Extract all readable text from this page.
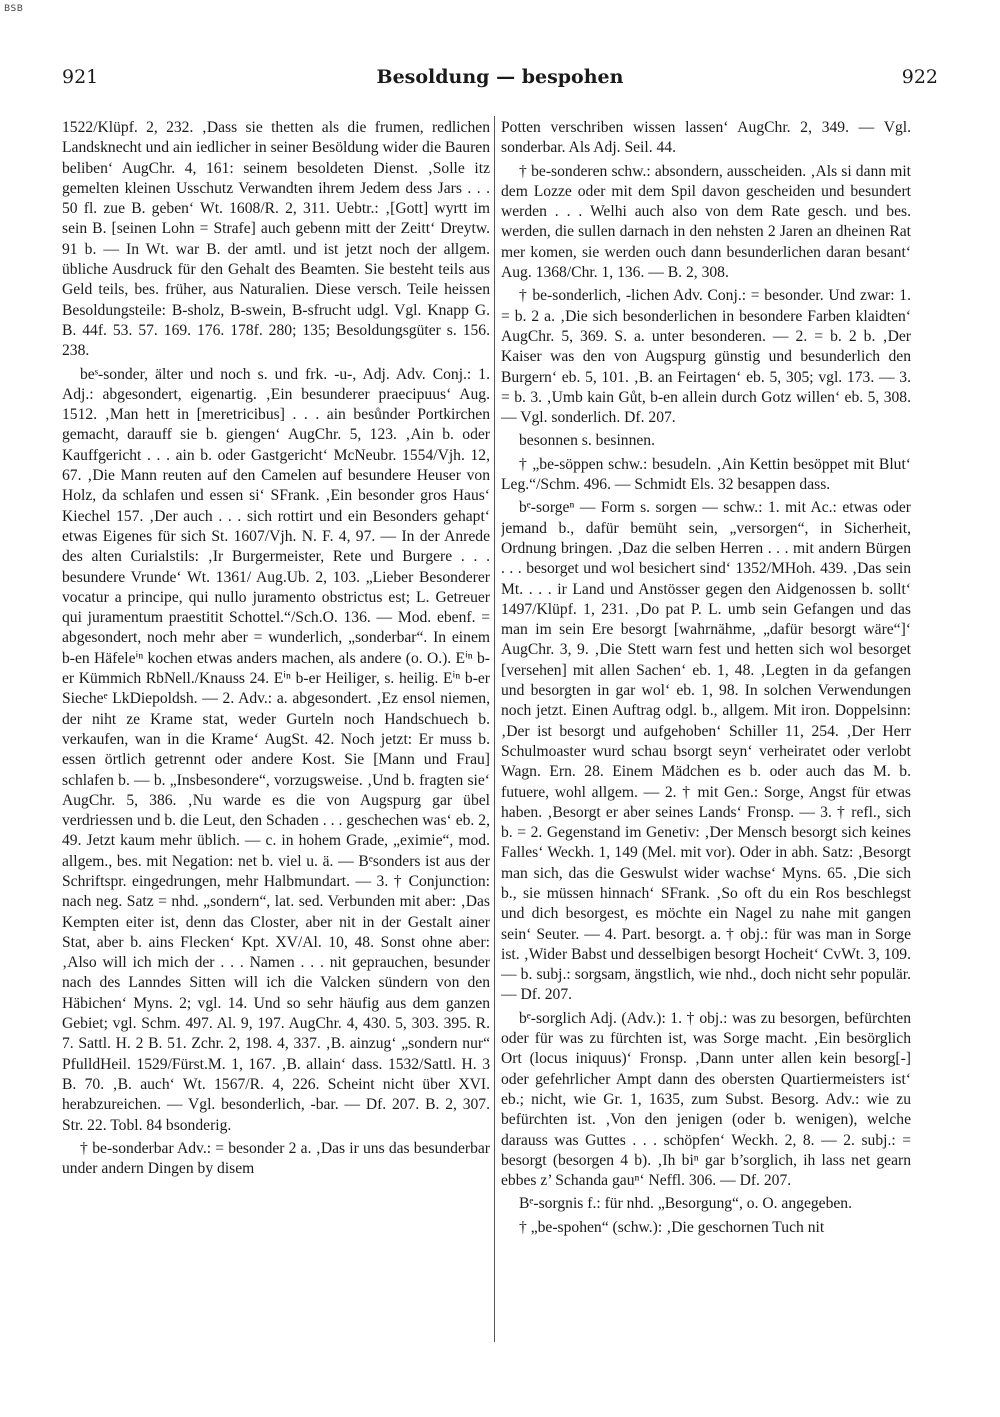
BSB
921	Besoldung — bespohen	922

1522/Klüpf. 2, 232. ‚Dass sie thetten als die frumen, redlichen Landsknecht und ain iedlicher in seiner Besöldung wider die Bauren beliben‘ AugChr. 4, 161: seinem besoldeten Dienst. ‚Solle itz gemelten kleinen Usschutz Verwandten ihrem Jedem dess Jars . . . 50 fl. zue B. geben‘ Wt. 1608/R. 2, 311. Uebtr.: ‚[Gott] wyrtt im sein B. [seinen Lohn = Strafe] auch gebenn mitt der Zeitt‘ Dreytw. 91 b. — In Wt. war B. der amtl. und ist jetzt noch der allgem. übliche Ausdruck für den Gehalt des Beamten. Sie besteht teils aus Geld teils, bes. früher, aus Naturalien. Diese versch. Teile heissen Besoldungsteile: B-sholz, B-swein, B-sfrucht udgl. Vgl. Knapp G. B. 44f. 53. 57. 169. 176. 178f. 280; 135; Besoldungsgüter s. 156. 238.

beˢ-sonder, älter und noch s. und frk. -u-, Adj. Adv. Conj.: 1. Adj.: abgesondert, eigenartig. ‚Ein besunderer praecipuus‘ Aug. 1512. ‚Man hett in [meretricibus] . . . ain besůnder Portkirchen gemacht, darauff sie b. giengen‘ AugChr. 5, 123. ‚Ain b. oder Kauffgericht . . . ain b. oder Gastgericht‘ McNeubr. 1554/Vjh. 12, 67. ‚Die Mann reuten auf den Camelen auf besundere Heuser von Holz, da schlafen und essen si‘ SFrank. ‚Ein besonder gros Haus‘ Kiechel 157. ‚Der auch . . . sich rottirt und ein Besonders gehapt‘ etwas Eigenes für sich St. 1607/Vjh. N. F. 4, 97. — In der Anrede des alten Curialstils: ‚Ir Burgermeister, Rete und Burgere . . . besundere Vrunde‘ Wt. 1361/ Aug.Ub. 2, 103. „Lieber Besonderer vocatur a principe, qui nullo juramento obstrictus est; L. Getreuer qui juramentum praestitit Schottel.“/Sch.O. 136. — Mod. ebenf. = abgesondert, noch mehr aber = wunderlich, „sonderbar“. In einem b-en Häfeleⁱⁿ kochen etwas anders machen, als andere (o. O.). Eⁱⁿ b-er Kümmich RbNell./Knauss 24. Eⁱⁿ b-er Heiliger, s. heilig. Eⁱⁿ b-er Siecheᵉ LkDiepoldsh. — 2. Adv.: a. abgesondert. ‚Ez ensol niemen, der niht ze Krame stat, weder Gurteln noch Handschuech b. verkaufen, wan in die Krame‘ AugSt. 42. Noch jetzt: Er muss b. essen örtlich getrennt oder andere Kost. Sie [Mann und Frau] schlafen b. — b. „Insbesondere“, vorzugsweise. ‚Und b. fragten sie‘ AugChr. 5, 386. ‚Nu warde es die von Augspurg gar übel verdriessen und b. die Leut, den Schaden . . . geschechen was‘ eb. 2, 49. Jetzt kaum mehr üblich. — c. in hohem Grade, „eximie“, mod. allgem., bes. mit Negation: net b. viel u. ä. — Bᵉsonders ist aus der Schriftspr. eingedrungen, mehr Halbmundart. — 3. † Conjunction: nach neg. Satz = nhd. „sondern“, lat. sed. Verbunden mit aber: ‚Das Kempten eiter ist, denn das Closter, aber nit in der Gestalt ainer Stat, aber b. ains Flecken‘ Kpt. XV/Al. 10, 48. Sonst ohne aber: ‚Also will ich mich der . . . Namen . . . nit geprauchen, besunder nach des Lanndes Sitten will ich die Valcken sündern von den Häbichen‘ Myns. 2; vgl. 14. Und so sehr häufig aus dem ganzen Gebiet; vgl. Schm. 497. Al. 9, 197. AugChr. 4, 430. 5, 303. 395. R. 7. Sattl. H. 2 B. 51. Zchr. 2, 198. 4, 337. ‚B. ainzug‘ „sondern nur“ PfulldHeil. 1529/Fürst.M. 1, 167. ‚B. allain‘ dass. 1532/Sattl. H. 3 B. 70. ‚B. auch‘ Wt. 1567/R. 4, 226. Scheint nicht über XVI. herabzureichen. — Vgl. besonderlich, -bar. — Df. 207. B. 2, 307. Str. 22. Tobl. 84 bsonderig.

† be-sonderbar Adv.: = besonder 2 a. ‚Das ir uns das besunderbar under andern Dingen by disem

Potten verschriben wissen lassen‘ AugChr. 2, 349. — Vgl. sonderbar. Als Adj. Seil. 44.

† be-sonderen schw.: absondern, ausscheiden. ‚Als si dann mit dem Lozze oder mit dem Spil davon gescheiden und besundert werden . . . Welhi auch also von dem Rate gesch. und bes. werden, die sullen darnach in den nehsten 2 Jaren an dheinen Rat mer komen, sie werden ouch dann besunderlichen daran besant‘ Aug. 1368/Chr. 1, 136. — B. 2, 308.

† be-sonderlich, -lichen Adv. Conj.: = besonder. Und zwar: 1. = b. 2 a. ‚Die sich besonderlichen in besondere Farben klaidten‘ AugChr. 5, 369. S. a. unter besonderen. — 2. = b. 2 b. ‚Der Kaiser was den von Augspurg günstig und besunderlich den Burgern‘ eb. 5, 101. ‚B. an Feirtagen‘ eb. 5, 305; vgl. 173. — 3. = b. 3. ‚Umb kain Gůt, b-en allein durch Gotz willen‘ eb. 5, 308. — Vgl. sonderlich. Df. 207.

besonnen s. besinnen.

† „be-söppen schw.: besudeln. ‚Ain Kettin besöppet mit Blut‘ Leg.“/Schm. 496. — Schmidt Els. 32 besappen dass.

bᵉ-sorgeⁿ — Form s. sorgen — schw.: 1. mit Ac.: etwas oder jemand b., dafür bemüht sein, „versorgen“, in Sicherheit, Ordnung bringen. ‚Daz die selben Herren . . . mit andern Bürgen . . . besorget und wol besichert sind‘ 1352/MHoh. 439. ‚Das sein Mt. . . . ir Land und Anstösser gegen den Aidgenossen b. sollt‘ 1497/Klüpf. 1, 231. ‚Do pat P. L. umb sein Gefangen und das man im sein Ere besorgt [wahrnähme, „dafür besorgt wäre“]‘ AugChr. 3, 9. ‚Die Stett warn fest und hetten sich wol besorget [versehen] mit allen Sachen‘ eb. 1, 48. ‚Legten in da gefangen und besorgten in gar wol‘ eb. 1, 98. In solchen Verwendungen noch jetzt. Einen Auftrag odgl. b., allgem. Mit iron. Doppelsinn: ‚Der ist besorgt und aufgehoben‘ Schiller 11, 254. ‚Der Herr Schulmoaster wurd schau bsorgt seyn‘ verheiratet oder verlobt Wagn. Ern. 28. Einem Mädchen es b. oder auch das M. b. futuere, wohl allgem. — 2. † mit Gen.: Sorge, Angst für etwas haben. ‚Besorgt er aber seines Lands‘ Fronsp. — 3. † refl., sich b. = 2. Gegenstand im Genetiv: ‚Der Mensch besorgt sich keines Falles‘ Weckh. 1, 149 (Mel. mit vor). Oder in abh. Satz: ‚Besorgt man sich, das die Geswulst wider wachse‘ Myns. 65. ‚Die sich b., sie müssen hinnach‘ SFrank. ‚So oft du ein Ros beschlegst und dich besorgest, es möchte ein Nagel zu nahe mit gangen sein‘ Seuter. — 4. Part. besorgt. a. † obj.: für was man in Sorge ist. ‚Wider Babst und desselbigen besorgt Hocheit‘ CvWt. 3, 109. — b. subj.: sorgsam, ängstlich, wie nhd., doch nicht sehr populär. — Df. 207.

bᵉ-sorglich Adj. (Adv.): 1. † obj.: was zu besorgen, befürchten oder für was zu fürchten ist, was Sorge macht. ‚Ein besörglich Ort (locus iniquus)‘ Fronsp. ‚Dann unter allen kein besorg[-] oder gefehrlicher Ampt dann des obersten Quartiermeisters ist‘ eb.; nicht, wie Gr. 1, 1635, zum Subst. Besorg. Adv.: wie zu befürchten ist. ‚Von den jenigen (oder b. wenigen), welche darauss was Guttes . . . schöpfen‘ Weckh. 2, 8. — 2. subj.: = besorgt (besorgen 4 b). ‚Ih biⁿ gar b’sorglich, ih lass net gearn ebbes z’ Schanda gauⁿ‘ Neffl. 306. — Df. 207.

Bᵉ-sorgnis f.: für nhd. „Besorgung“, o. O. angegeben.

† „be-spohen“ (schw.): ‚Die geschornen Tuch nit
